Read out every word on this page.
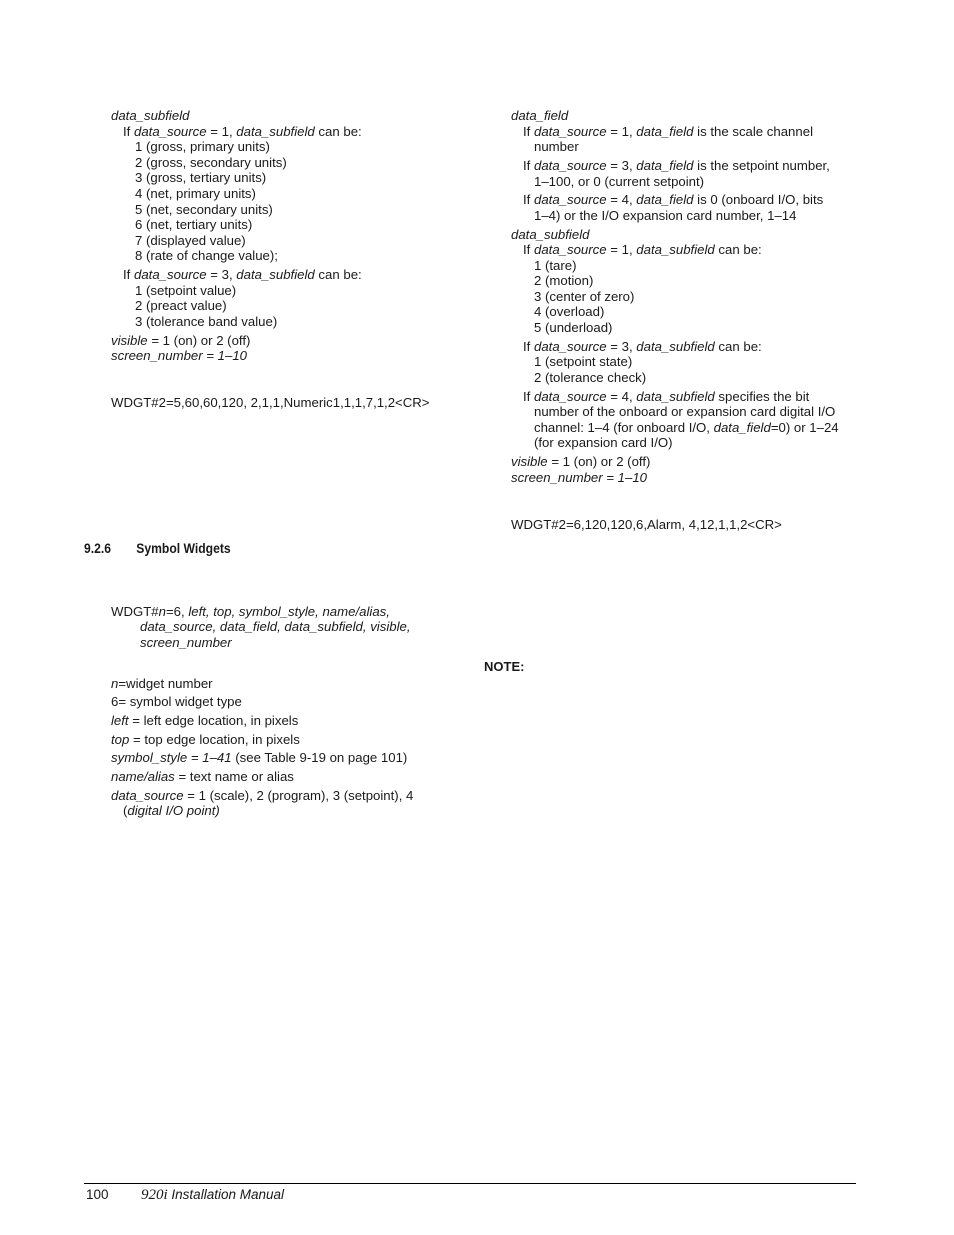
data_subfield
If data_source = 1, data_subfield can be:
1 (gross, primary units)
2 (gross, secondary units)
3 (gross, tertiary units)
4 (net, primary units)
5 (net, secondary units)
6 (net, tertiary units)
7 (displayed value)
8 (rate of change value);
If data_source = 3, data_subfield can be:
1 (setpoint value)
2 (preact value)
3 (tolerance band value)
visible = 1 (on) or 2 (off)
screen_number = 1–10
WDGT#2=5,60,60,120, 2,1,1,Numeric1,1,1,7,1,2<CR>
9.2.6 Symbol Widgets
WDGT#n=6, left, top, symbol_style, name/alias,
data_source, data_field, data_subfield, visible,
screen_number
n=widget number
6= symbol widget type
left = left edge location, in pixels
top = top edge location, in pixels
symbol_style = 1–41 (see Table 9-19 on page 101)
name/alias = text name or alias
data_source = 1 (scale), 2 (program), 3 (setpoint), 4
(digital I/O point)
data_field
If data_source = 1, data_field is the scale channel
number
If data_source = 3, data_field is the setpoint number,
1–100, or 0 (current setpoint)
If data_source = 4, data_field is 0 (onboard I/O, bits
1–4) or the I/O expansion card number, 1–14
data_subfield
If data_source = 1, data_subfield can be:
1 (tare)
2 (motion)
3 (center of zero)
4 (overload)
5 (underload)
If data_source = 3, data_subfield can be:
1 (setpoint state)
2 (tolerance check)
If data_source = 4, data_subfield specifies the bit
number of the onboard or expansion card digital I/O
channel: 1–4 (for onboard I/O, data_field=0) or 1–24
(for expansion card I/O)
visible = 1 (on) or 2 (off)
screen_number = 1–10
WDGT#2=6,120,120,6,Alarm, 4,12,1,1,2<CR>
NOTE:
100 920i Installation Manual
